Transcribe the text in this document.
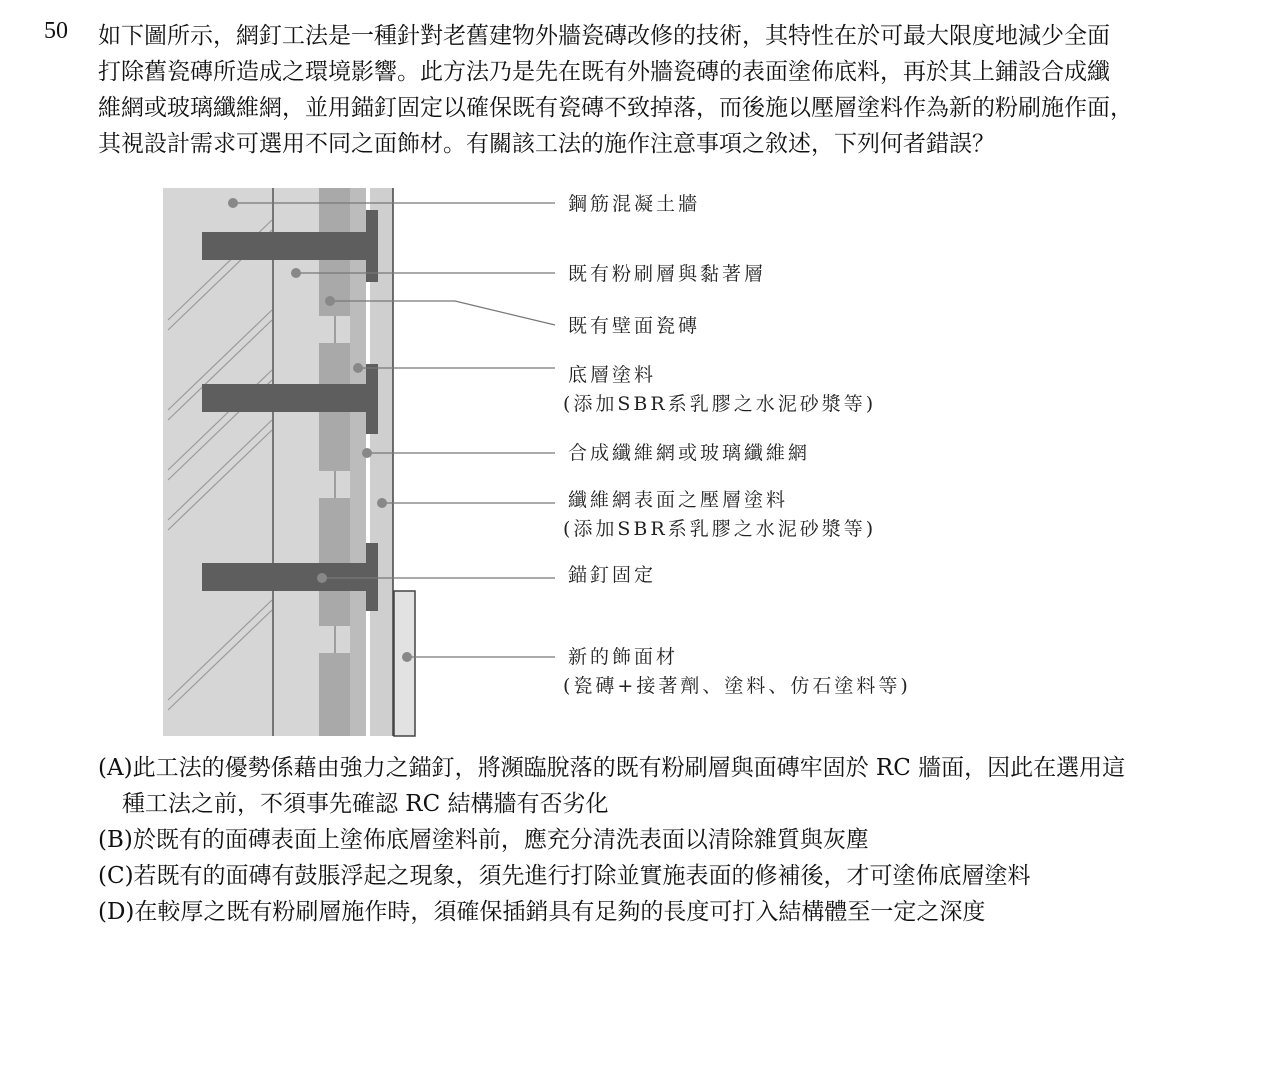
50 如下圖所示，網釘工法是一種針對老舊建物外牆瓷磚改修的技術，其特性在於可最大限度地減少全面
打除舊瓷磚所造成之環境影響。此方法乃是先在既有外牆瓷磚的表面塗佈底料，再於其上鋪設合成纖
維網或玻璃纖維網，並用錨釘固定以確保既有瓷磚不致掉落，而後施以壓層塗料作為新的粉刷施作面，
其視設計需求可選用不同之面飾材。有關該工法的施作注意事項之敘述，下列何者錯誤？
鋼筋混凝土牆
既有粉刷層與黏著層
既有壁面瓷磚
底層塗料
(添加SBR系乳膠之水泥砂漿等)
合成纖維網或玻璃纖維網
纖維網表面之壓層塗料
(添加SBR系乳膠之水泥砂漿等)
錨釘固定
新的飾面材
(瓷磚+接著劑、塗料、仿石塗料等)
(A)此工法的優勢係藉由強力之錨釘，將瀕臨脫落的既有粉刷層與面磚牢固於 RC 牆面，因此在選用這
種工法之前，不須事先確認 RC 結構牆有否劣化
(B)於既有的面磚表面上塗佈底層塗料前，應充分清洗表面以清除雜質與灰塵
(C)若既有的面磚有鼓脹浮起之現象，須先進行打除並實施表面的修補後，才可塗佈底層塗料
(D)在較厚之既有粉刷層施作時，須確保插銷具有足夠的長度可打入結構體至一定之深度
